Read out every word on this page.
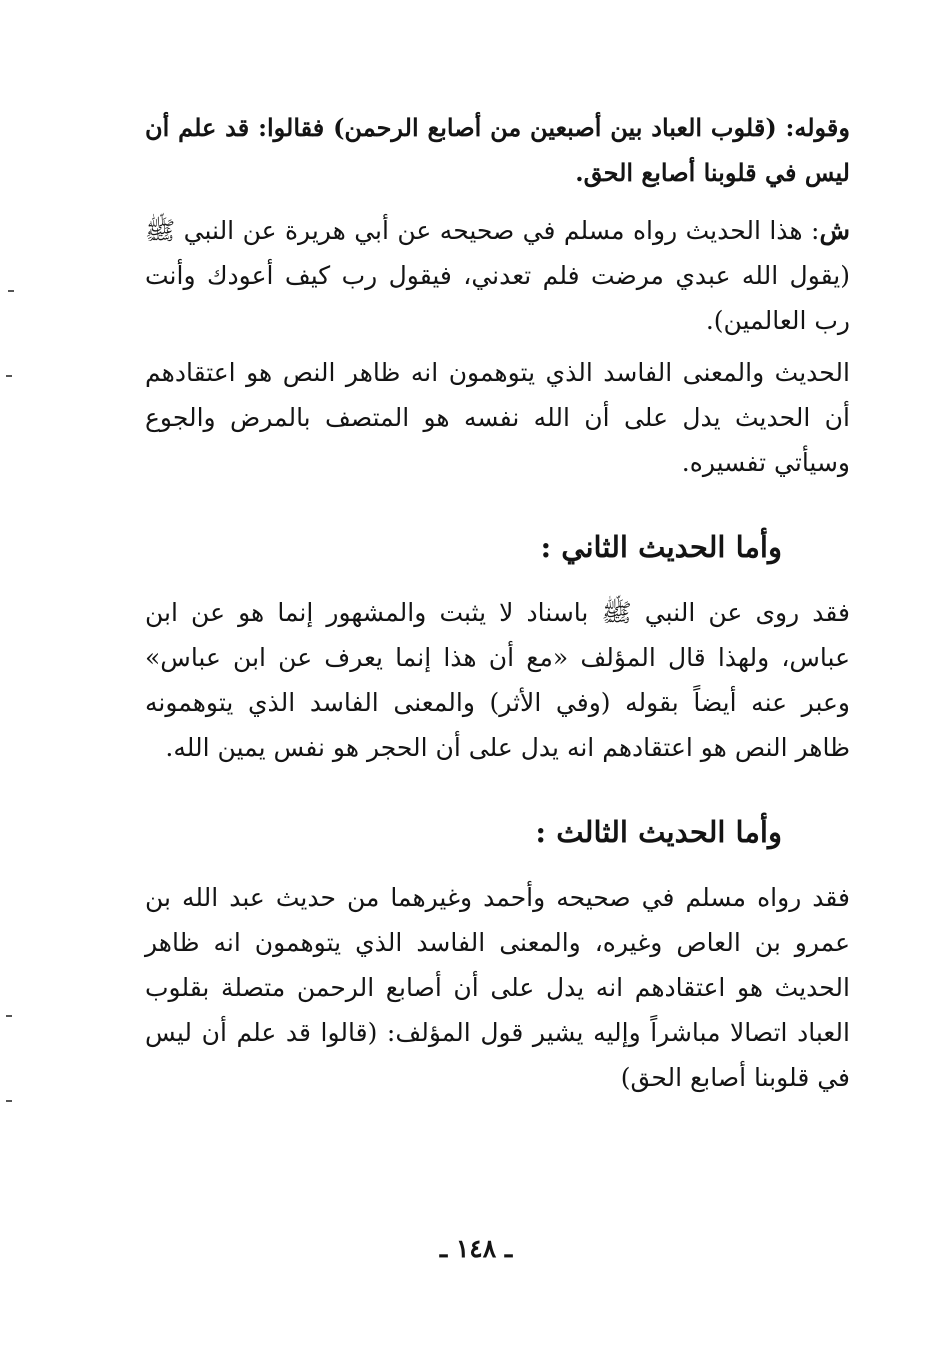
وقوله: (قلوب العباد بين أصبعين من أصابع الرحمن) فقالوا: قد علم أن ليس في قلوبنا أصابع الحق.

ش: هذا الحديث رواه مسلم في صحيحه عن أبي هريرة عن النبي ﷺ (يقول الله عبدي مرضت فلم تعدني، فيقول رب كيف أعودك وأنت رب العالمين).

الحديث والمعنى الفاسد الذي يتوهمون انه ظاهر النص هو اعتقادهم أن الحديث يدل على أن الله نفسه هو المتصف بالمرض والجوع وسيأتي تفسيره.

وأما الحديث الثاني :

فقد روى عن النبي ﷺ باسناد لا يثبت والمشهور إنما هو عن ابن عباس، ولهذا قال المؤلف «مع أن هذا إنما يعرف عن ابن عباس» وعبر عنه أيضاً بقوله (وفي الأثر) والمعنى الفاسد الذي يتوهمونه ظاهر النص هو اعتقادهم انه يدل على أن الحجر هو نفس يمين الله.

وأما الحديث الثالث :

فقد رواه مسلم في صحيحه وأحمد وغيرهما من حديث عبد الله بن عمرو بن العاص وغيره، والمعنى الفاسد الذي يتوهمون انه ظاهر الحديث هو اعتقادهم انه يدل على أن أصابع الرحمن متصلة بقلوب العباد اتصالا مباشراً وإليه يشير قول المؤلف: (قالوا قد علم أن ليس في قلوبنا أصابع الحق)

ـ ١٤٨ ـ
